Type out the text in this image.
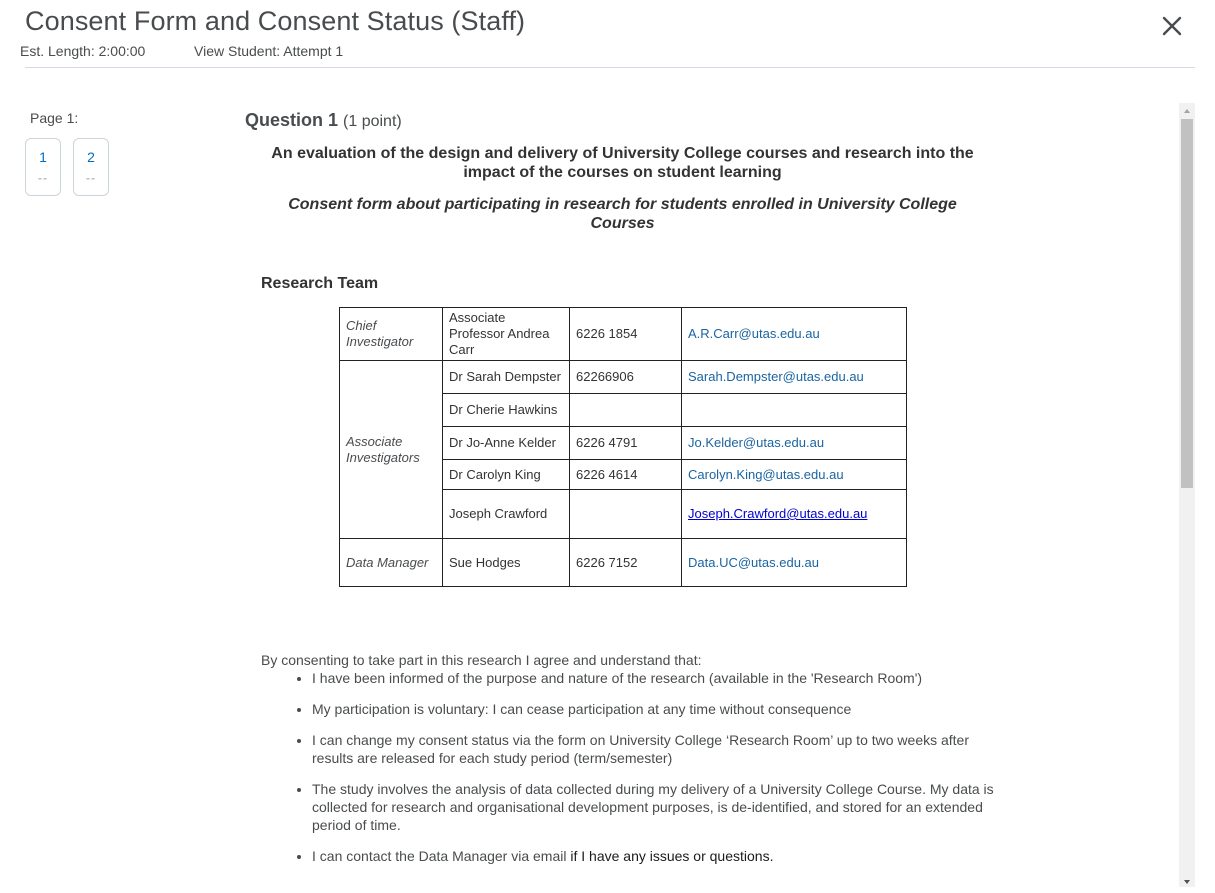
Consent Form and Consent Status (Staff)
Est. Length: 2:00:00	View Student: Attempt 1
Page 1:
1
--
2
--
Question 1 (1 point)
An evaluation of the design and delivery of University College courses and research into the impact of the courses on student learning
Consent form about participating in research for students enrolled in University College Courses
Research Team
Chief Investigator	Associate Professor Andrea Carr	6226 1854	A.R.Carr@utas.edu.au
Associate Investigators	Dr Sarah Dempster	62266906	Sarah.Dempster@utas.edu.au
	Dr Cherie Hawkins		
	Dr Jo-Anne Kelder	6226 4791	Jo.Kelder@utas.edu.au
	Dr Carolyn King	6226 4614	Carolyn.King@utas.edu.au
	Joseph Crawford		Joseph.Crawford@utas.edu.au
Data Manager	Sue Hodges	6226 7152	Data.UC@utas.edu.au
By consenting to take part in this research I agree and understand that:
• I have been informed of the purpose and nature of the research (available in the 'Research Room')
• My participation is voluntary: I can cease participation at any time without consequence
• I can change my consent status via the form on University College ‘Research Room’ up to two weeks after results are released for each study period (term/semester)
• The study involves the analysis of data collected during my delivery of a University College Course. My data is collected for research and organisational development purposes, is de-identified, and stored for an extended period of time.
• I can contact the Data Manager via email if I have any issues or questions.
